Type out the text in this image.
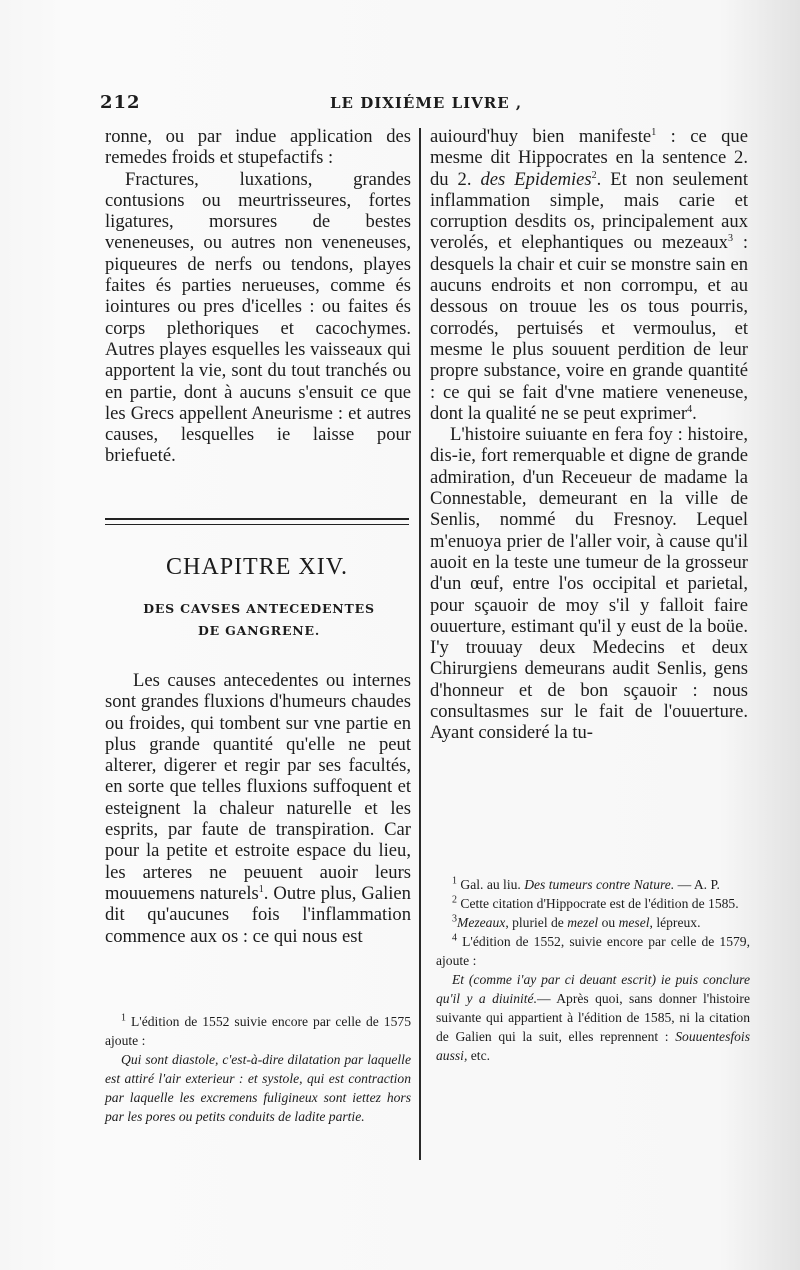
212	LE DIXIÉME LIVRE ,

ronne, ou par indue application des remedes froids et stupefactifs :

Fractures, luxations, grandes contusions ou meurtrisseures, fortes ligatures, morsures de bestes veneneuses, ou autres non veneneuses, piqueures de nerfs ou tendons, playes faites és parties nerueuses, comme és iointures ou pres d'icelles : ou faites és corps plethoriques et cacochymes. Autres playes esquelles les vaisseaux qui apportent la vie, sont du tout tranchés ou en partie, dont à aucuns s'ensuit ce que les Grecs appellent Aneurisme : et autres causes, lesquelles ie laisse pour briefueté.

CHAPITRE XIV.
DES CAVSES ANTECEDENTES DE GANGRENE.

Les causes antecedentes ou internes sont grandes fluxions d'humeurs chaudes ou froides, qui tombent sur vne partie en plus grande quantité qu'elle ne peut alterer, digerer et regir par ses facultés, en sorte que telles fluxions suffoquent et esteignent la chaleur naturelle et les esprits, par faute de transpiration. Car pour la petite et estroite espace du lieu, les arteres ne peuuent auoir leurs mouuemens naturels$^1$. Outre plus, Galien dit qu'aucunes fois l'inflammation commence aux os : ce qui nous est

$^1$ L'édition de 1552 suivie encore par celle de 1575 ajoute :

Qui sont diastole, c'est-à-dire dilatation par laquelle est attiré l'air exterieur : et systole, qui est contraction par laquelle les excremens fuligineux sont iettez hors par les pores ou petits conduits de ladite partie.

auiourd'huy bien manifeste$^1$ : ce que mesme dit Hippocrates en la sentence 2. du 2. des Epidemies$^2$. Et non seulement inflammation simple, mais carie et corruption desdits os, principalement aux verolés, et elephantiques ou mezeaux$^3$ : desquels la chair et cuir se monstre sain en aucuns endroits et non corrompu, et au dessous on trouue les os tous pourris, corrodés, pertuisés et vermoulus, et mesme le plus souuent perdition de leur propre substance, voire en grande quantité : ce qui se fait d'vne matiere veneneuse, dont la qualité ne se peut exprimer$^4$.

L'histoire suiuante en fera foy : histoire, dis-ie, fort remerquable et digne de grande admiration, d'un Receueur de madame la Connestable, demeurant en la ville de Senlis, nommé du Fresnoy. Lequel m'enuoya prier de l'aller voir, à cause qu'il auoit en la teste une tumeur de la grosseur d'un œuf, entre l'os occipital et parietal, pour sçauoir de moy s'il y falloit faire ouuerture, estimant qu'il y eust de la boüe. I'y trouuay deux Medecins et deux Chirurgiens demeurans audit Senlis, gens d'honneur et de bon sçauoir : nous consultasmes sur le fait de l'ouuerture. Ayant consideré la tu-

$^1$ Gal. au liu. Des tumeurs contre Nature. — A. P.

$^2$ Cette citation d'Hippocrate est de l'édition de 1585.

$^3$Mezeaux, pluriel de mezel ou mesel, lépreux.

$^4$ L'édition de 1552, suivie encore par celle de 1579, ajoute :

Et (comme i'ay par ci deuant escrit) ie puis conclure qu'il y a diuinité.— Après quoi, sans donner l'histoire suivante qui appartient à l'édition de 1585, ni la citation de Galien qui la suit, elles reprennent : Souuentesfois aussi, etc.
